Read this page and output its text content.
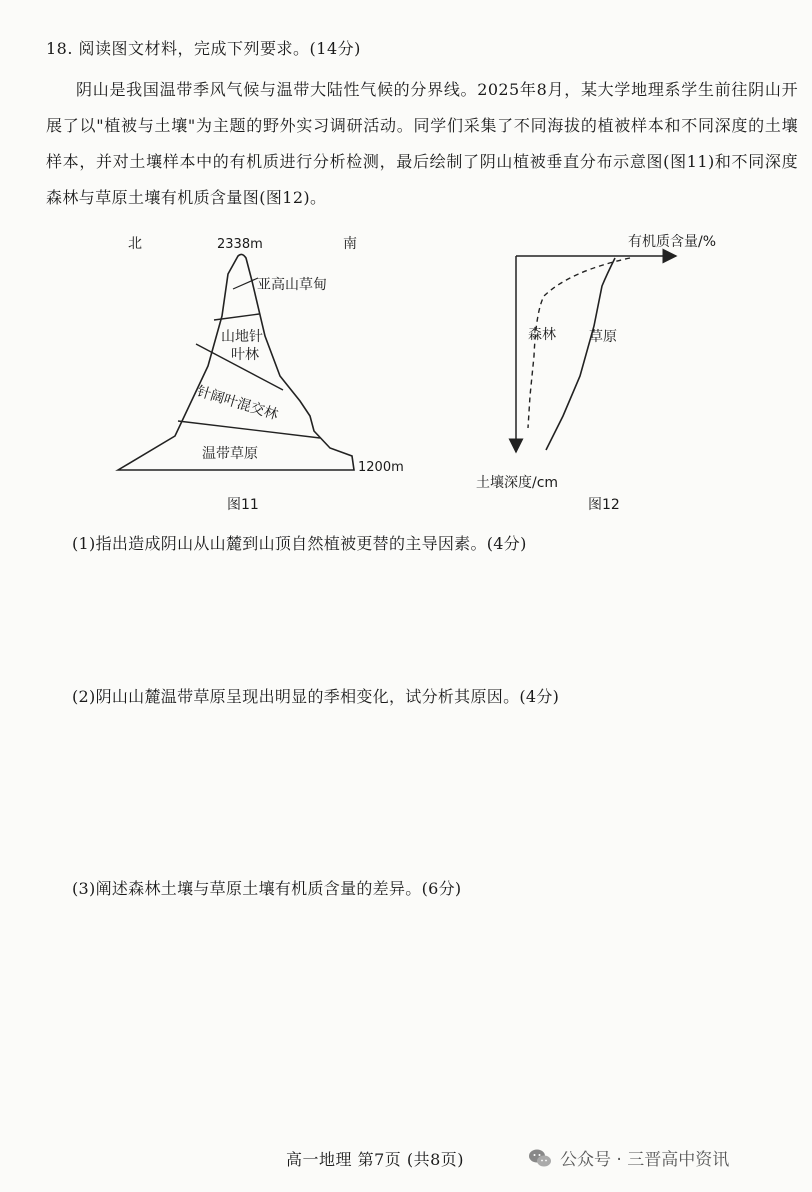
18. 阅读图文材料，完成下列要求。(14分)
阴山是我国温带季风气候与温带大陆性气候的分界线。2025年8月，某大学地理系学生前往阴山开展了以"植被与土壤"为主题的野外实习调研活动。同学们采集了不同海拔的植被样本和不同深度的土壤样本，并对土壤样本中的有机质进行分析检测，最后绘制了阴山植被垂直分布示意图(图11)和不同深度森林与草原土壤有机质含量图(图12)。
北	2338m	南
亚高山草甸
山地针
叶林
针阔叶混交林
温带草原
1200m
图11
有机质含量/%
土壤深度/cm
森林 草原
图12
(1)指出造成阴山从山麓到山顶自然植被更替的主导因素。(4分)
(2)阴山山麓温带草原呈现出明显的季相变化，试分析其原因。(4分)
(3)阐述森林土壤与草原土壤有机质含量的差异。(6分)
高一地理 第7页 (共8页)	公众号 · 三晋高中资讯
